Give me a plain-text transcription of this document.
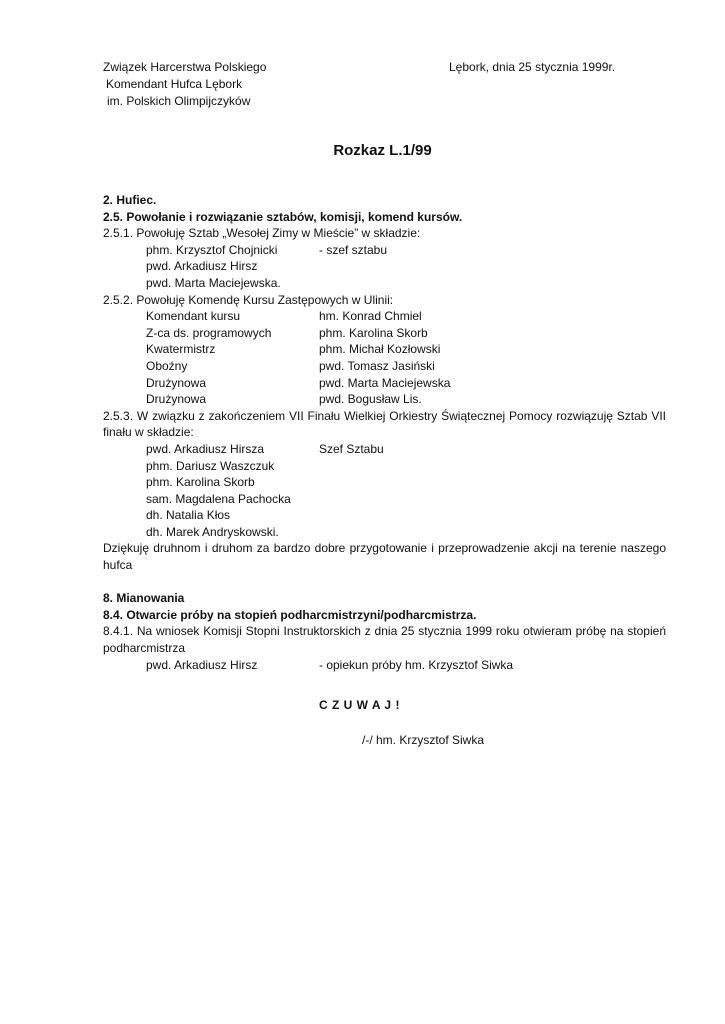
Związek Harcerstwa Polskiego
Komendant Hufca Lębork
im. Polskich Olimpijczyków
Lębork, dnia 25 stycznia 1999r.
Rozkaz L.1/99
2. Hufiec.
2.5. Powołanie i rozwiązanie sztabów, komisji, komend kursów.
2.5.1. Powołuję Sztab „Wesołej Zimy w Mieście” w składzie:
phm. Krzysztof Chojnicki	- szef sztabu
pwd. Arkadiusz Hirsz
pwd. Marta Maciejewska.
2.5.2. Powołuję Komendę Kursu Zastępowych w Ulinii:
Komendant kursu	hm. Konrad Chmiel
Z-ca ds. programowych	phm. Karolina Skorb
Kwatermistrz	phm. Michał Kozłowski
Oboźny	pwd. Tomasz Jasiński
Drużynowa	pwd. Marta Maciejewska
Drużynowa	pwd. Bogusław Lis.
2.5.3. W związku z zakończeniem VII Finału Wielkiej Orkiestry Świątecznej Pomocy rozwiązuję Sztab VII finału w składzie:
pwd. Arkadiusz Hirsza	Szef Sztabu
phm. Dariusz Waszczuk
phm. Karolina Skorb
sam. Magdalena Pachocka
dh. Natalia Kłos
dh. Marek Andryskowski.
Dziękuję druhnom i druhom za bardzo dobre przygotowanie i przeprowadzenie akcji na terenie naszego hufca
8. Mianowania
8.4. Otwarcie próby na stopień podharcmistrzyni/podharcmistrza.
8.4.1. Na wniosek Komisji Stopni Instruktorskich z dnia 25 stycznia 1999 roku otwieram próbę na stopień podharcmistrza
pwd. Arkadiusz Hirsz	- opiekun próby hm. Krzysztof Siwka
C Z U W A J !
/-/ hm. Krzysztof Siwka
